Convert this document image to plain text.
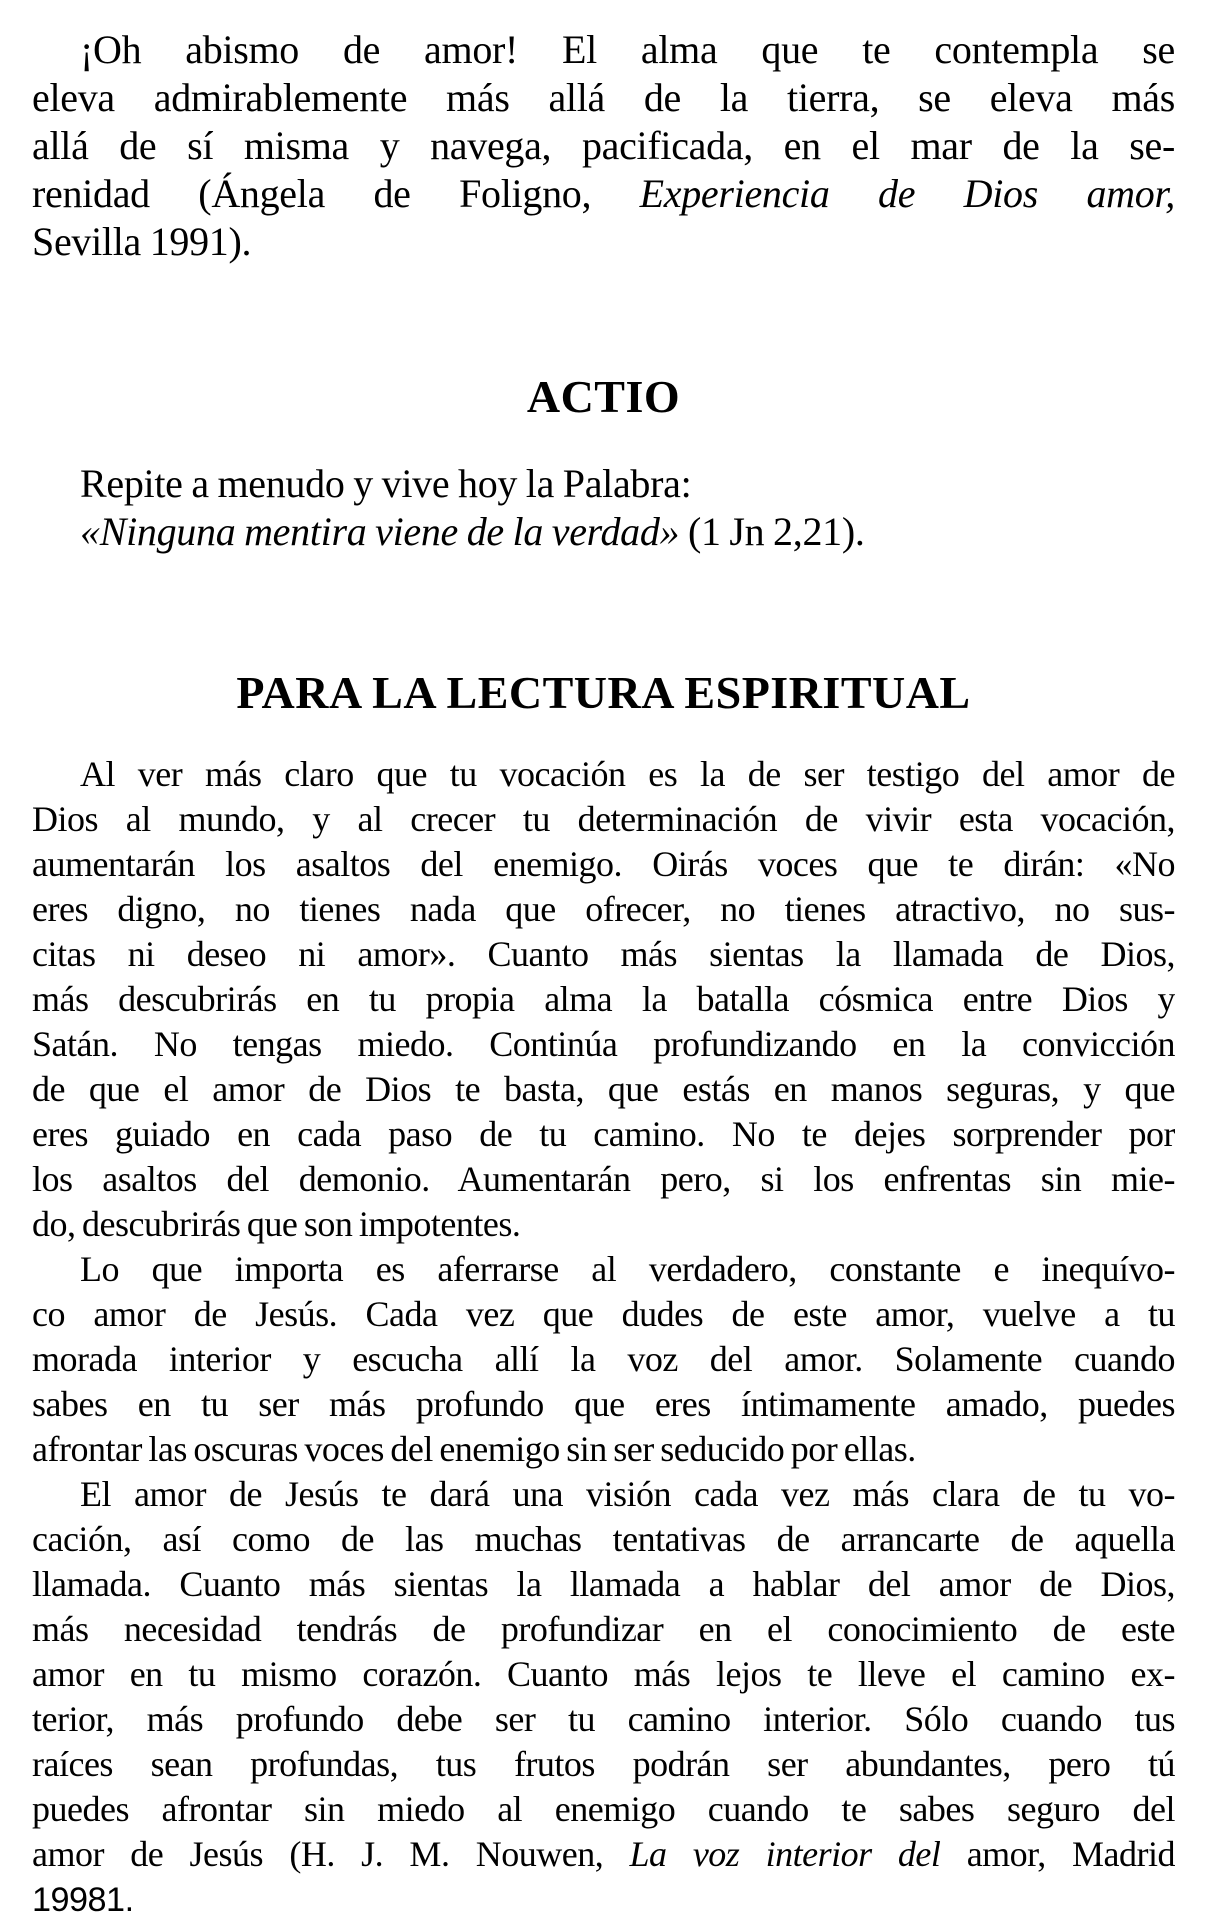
¡Oh abismo de amor! El alma que te contempla se
eleva admirablemente más allá de la tierra, se eleva más
allá de sí misma y navega, pacificada, en el mar de la se-
renidad (Ángela de Foligno, Experiencia de Dios amor,
Sevilla 1991).
ACTIO
Repite a menudo y vive hoy la Palabra:
«Ninguna mentira viene de la verdad» (1 Jn 2,21).
PARA LA LECTURA ESPIRITUAL
Al ver más claro que tu vocación es la de ser testigo del amor de
Dios al mundo, y al crecer tu determinación de vivir esta vocación,
aumentarán los asaltos del enemigo. Oirás voces que te dirán: «No
eres digno, no tienes nada que ofrecer, no tienes atractivo, no sus-
citas ni deseo ni amor». Cuanto más sientas la llamada de Dios,
más descubrirás en tu propia alma la batalla cósmica entre Dios y
Satán. No tengas miedo. Continúa profundizando en la convicción
de que el amor de Dios te basta, que estás en manos seguras, y que
eres guiado en cada paso de tu camino. No te dejes sorprender por
los asaltos del demonio. Aumentarán pero, si los enfrentas sin mie-
do, descubrirás que son impotentes.
Lo que importa es aferrarse al verdadero, constante e inequívo-
co amor de Jesús. Cada vez que dudes de este amor, vuelve a tu
morada interior y escucha allí la voz del amor. Solamente cuando
sabes en tu ser más profundo que eres íntimamente amado, puedes
afrontar las oscuras voces del enemigo sin ser seducido por ellas.
El amor de Jesús te dará una visión cada vez más clara de tu vo-
cación, así como de las muchas tentativas de arrancarte de aquella
llamada. Cuanto más sientas la llamada a hablar del amor de Dios,
más necesidad tendrás de profundizar en el conocimiento de este
amor en tu mismo corazón. Cuanto más lejos te lleve el camino ex-
terior, más profundo debe ser tu camino interior. Sólo cuando tus
raíces sean profundas, tus frutos podrán ser abundantes, pero tú
puedes afrontar sin miedo al enemigo cuando te sabes seguro del
amor de Jesús (H. J. M. Nouwen, La voz interior del amor, Madrid
19981.
